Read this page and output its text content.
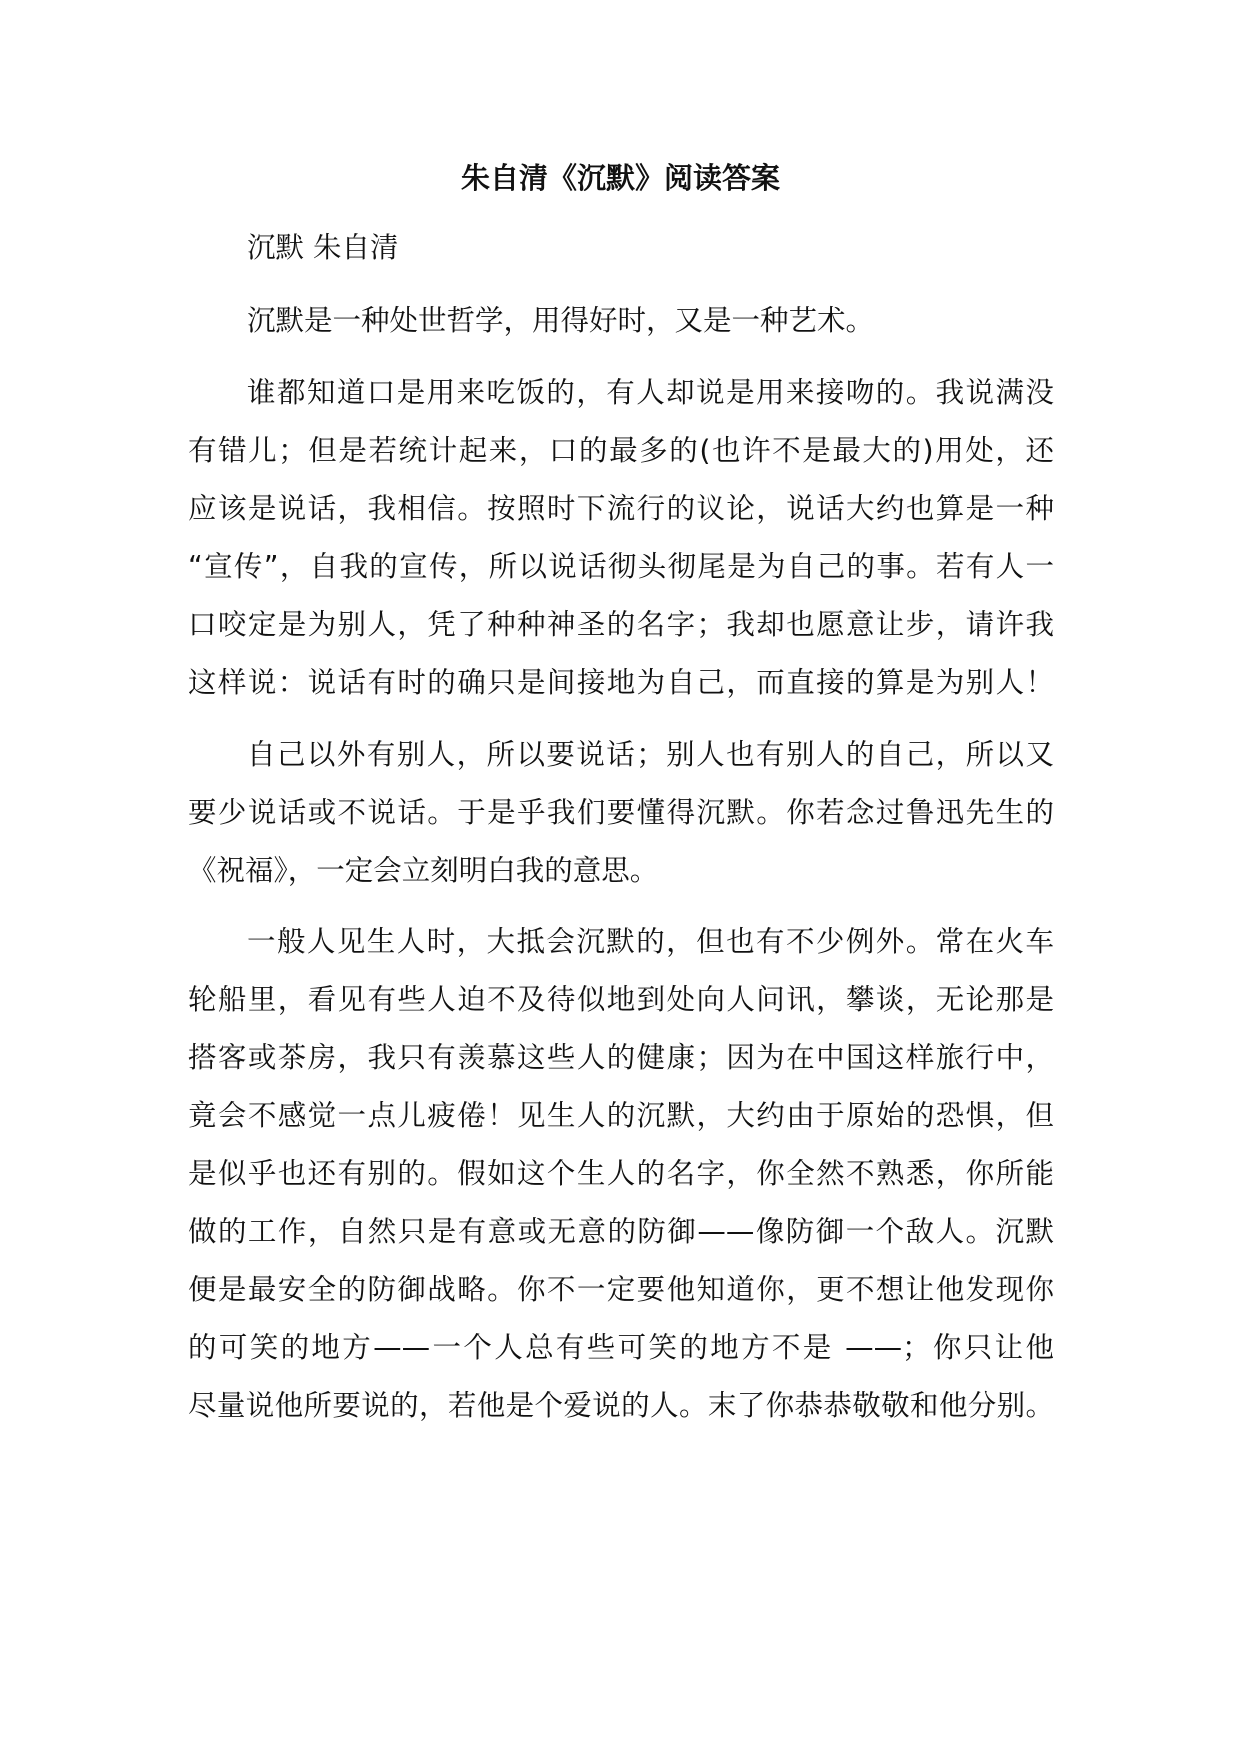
朱自清《沉默》阅读答案
沉默 朱自清
沉默是一种处世哲学，用得好时，又是一种艺术。
谁都知道口是用来吃饭的，有人却说是用来接吻的。我说满没
有错儿；但是若统计起来，口的最多的(也许不是最大的)用处，还
应该是说话，我相信。按照时下流行的议论，说话大约也算是一种
“宣传”，自我的宣传，所以说话彻头彻尾是为自己的事。若有人一
口咬定是为别人，凭了种种神圣的名字；我却也愿意让步，请许我
这样说：说话有时的确只是间接地为自己，而直接的算是为别人！
自己以外有别人，所以要说话；别人也有别人的自己，所以又
要少说话或不说话。于是乎我们要懂得沉默。你若念过鲁迅先生的
《祝福》，一定会立刻明白我的意思。
一般人见生人时，大抵会沉默的，但也有不少例外。常在火车
轮船里，看见有些人迫不及待似地到处向人问讯，攀谈，无论那是
搭客或茶房，我只有羡慕这些人的健康；因为在中国这样旅行中，
竟会不感觉一点儿疲倦！见生人的沉默，大约由于原始的恐惧，但
是似乎也还有别的。假如这个生人的名字，你全然不熟悉，你所能
做的工作，自然只是有意或无意的防御——像防御一个敌人。沉默
便是最安全的防御战略。你不一定要他知道你，更不想让他发现你
的可笑的地方——一个人总有些可笑的地方不是 ——；你只让他
尽量说他所要说的，若他是个爱说的人。末了你恭恭敬敬和他分别。
